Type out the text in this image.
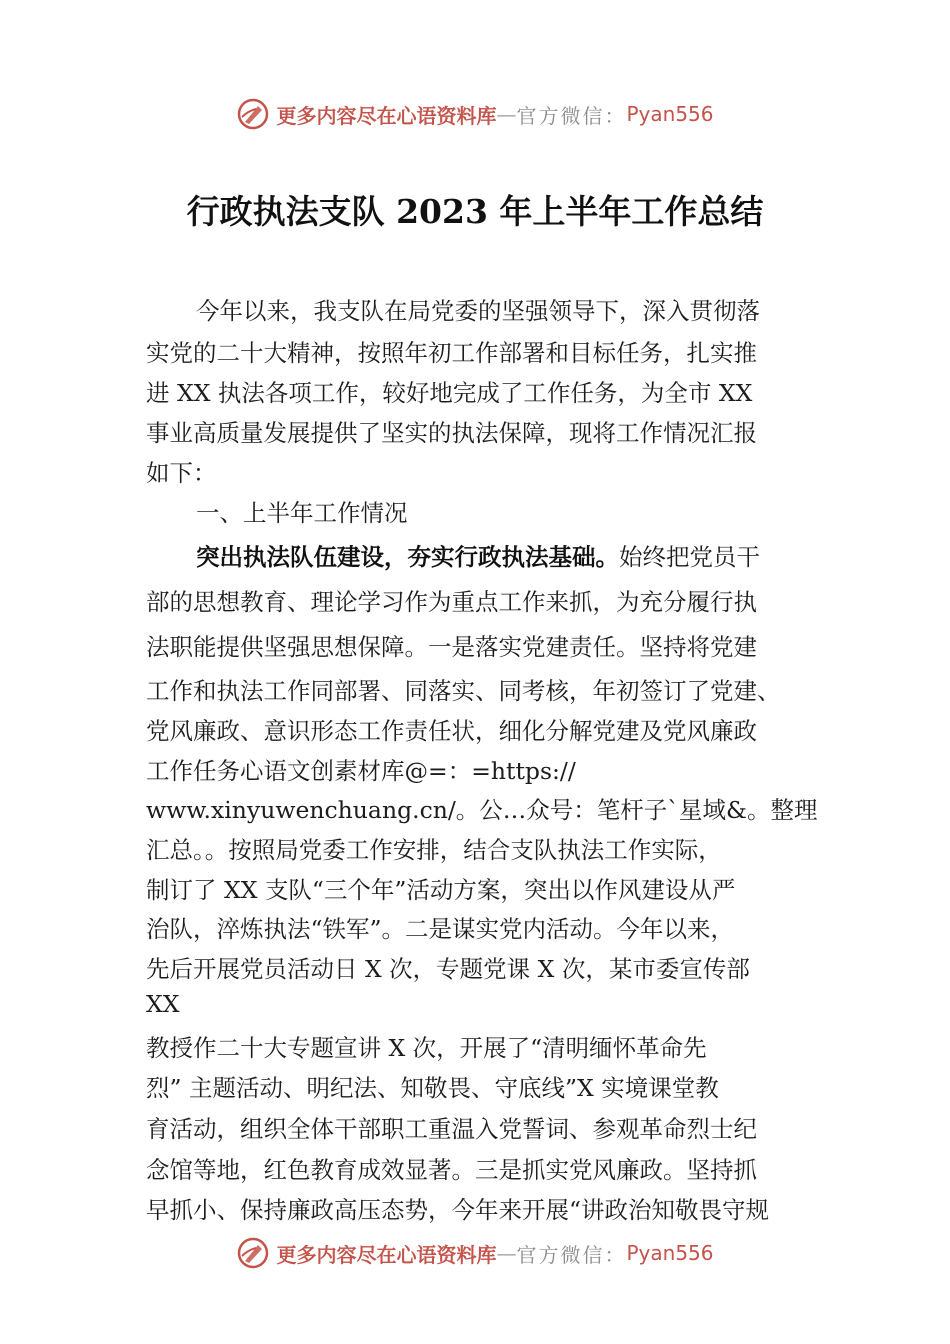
更多内容尽在心语资料库 — 官方微信： Pyan556
行政执法支队 2023 年上半年工作总结
今年以来，我支队在局党委的坚强领导下，深入贯彻落
实党的二十大精神，按照年初工作部署和目标任务，扎实推
进 XX 执法各项工作，较好地完成了工作任务，为全市 XX
事业高质量发展提供了坚实的执法保障，现将工作情况汇报
如下：
一、上半年工作情况
突出执法队伍建设，夯实行政执法基础。始终把党员干
部的思想教育、理论学习作为重点工作来抓，为充分履行执
法职能提供坚强思想保障。一是落实党建责任。坚持将党建
工作和执法工作同部署、同落实、同考核，年初签订了党建、
党风廉政、意识形态工作责任状，细化分解党建及党风廉政
工作任务心语文创素材库@=：=https://
www.xinyuwenchuang.cn/。公…众号：笔杆子`星域&。整理
汇总。。按照局党委工作安排，结合支队执法工作实际，
制订了 XX 支队“三个年”活动方案，突出以作风建设从严
治队，淬炼执法“铁军”。二是谋实党内活动。今年以来，
先后开展党员活动日 X 次，专题党课 X 次，某市委宣传部
XX
教授作二十大专题宣讲 X 次，开展了“清明缅怀革命先
烈” 主题活动、明纪法、知敬畏、守底线”X 实境课堂教
育活动，组织全体干部职工重温入党誓词、参观革命烈士纪
念馆等地，红色教育成效显著。三是抓实党风廉政。坚持抓
早抓小、保持廉政高压态势，今年来开展“讲政治知敬畏守规
更多内容尽在心语资料库 — 官方微信： Pyan556
